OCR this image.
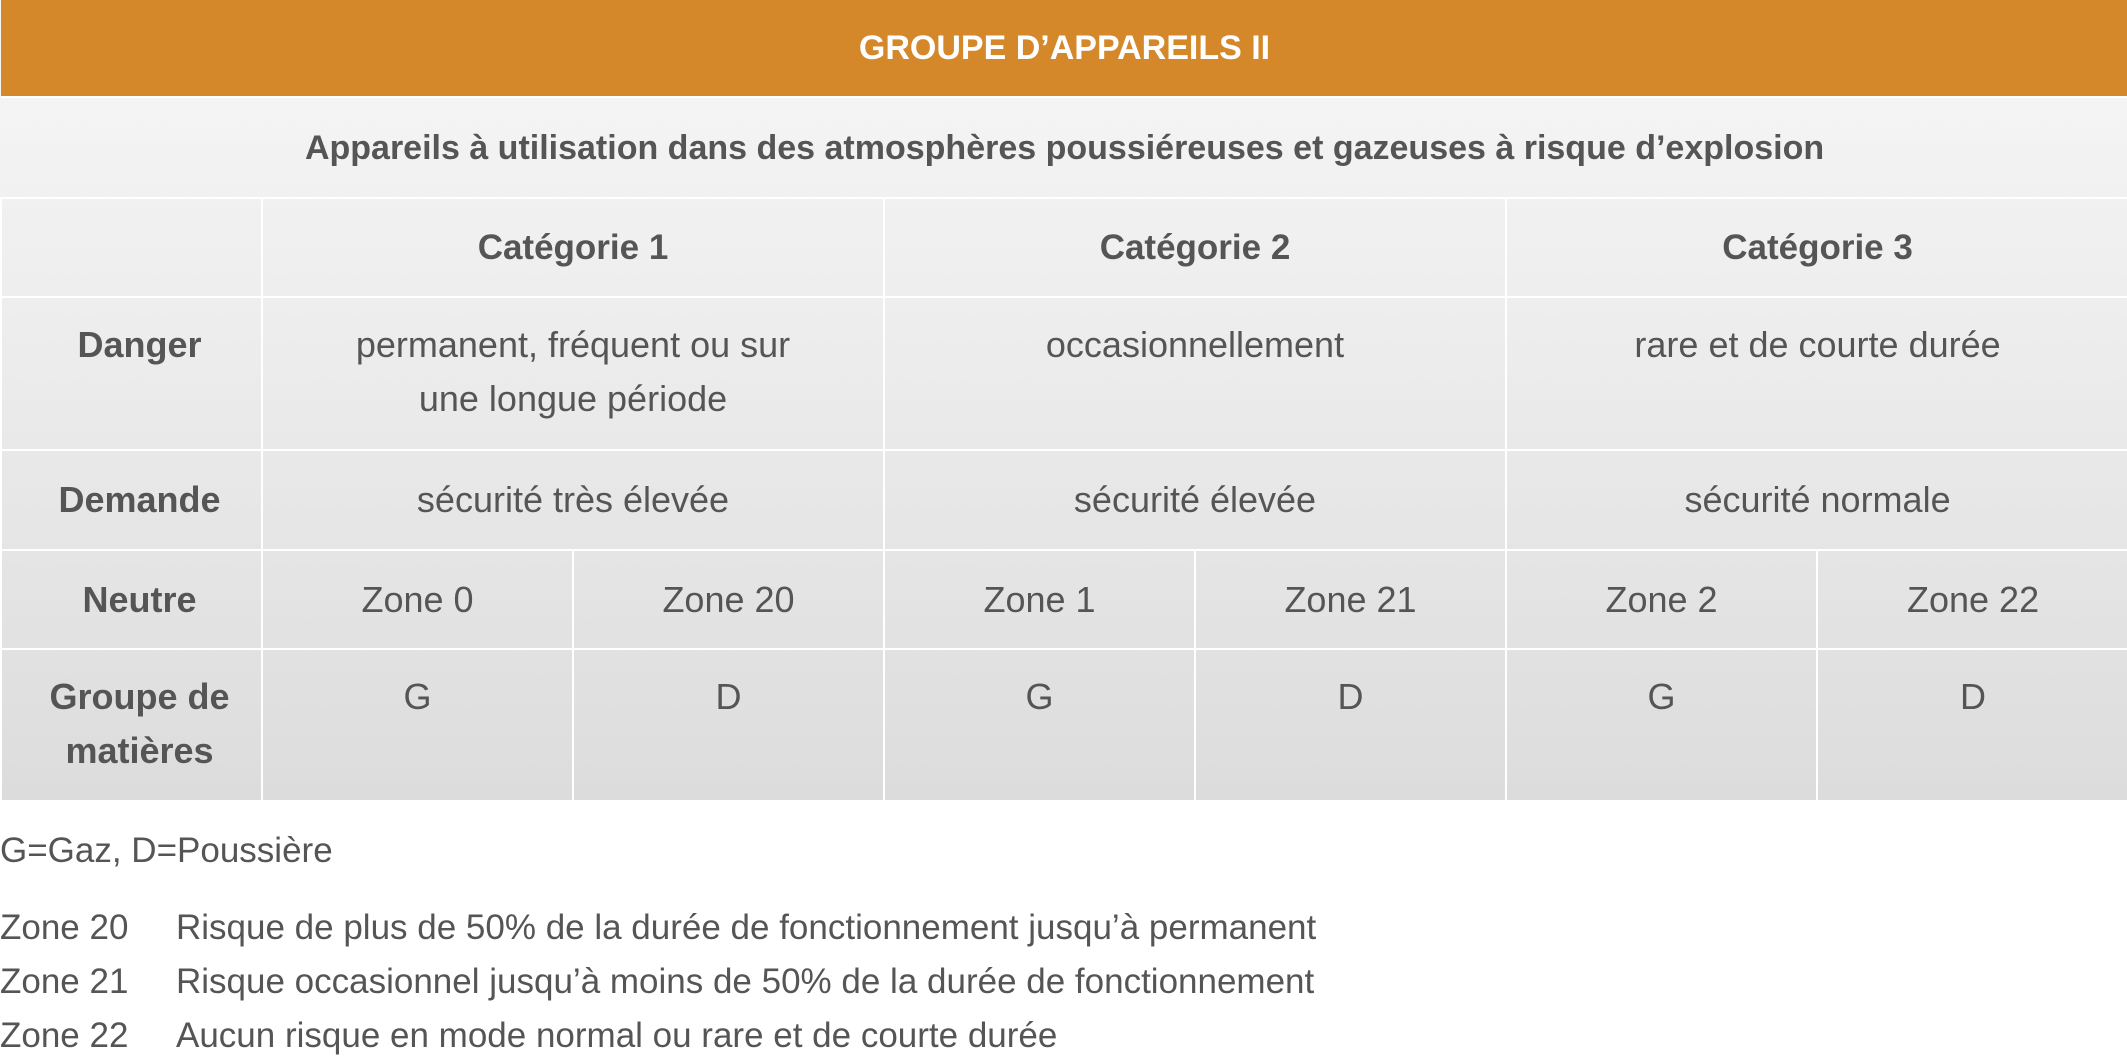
GROUPE D’APPAREILS II						
Appareils à utilisation dans des atmosphères poussiéreuses et gazeuses à risque d’explosion						
	Catégorie 1		Catégorie 2		Catégorie 3	
Danger	permanent, fréquent ou sur une longue période		occasionnellement		rare et de courte durée	
Demande	sécurité très élevée		sécurité élevée		sécurité normale	
Neutre	Zone 0	Zone 20	Zone 1	Zone 21	Zone 2	Zone 22
Groupe de matières	G	D	G	D	G	D
G=Gaz, D=Poussière
Zone 20	Risque de plus de 50% de la durée de fonctionnement jusqu’à permanent
Zone 21	Risque occasionnel jusqu’à moins de 50% de la durée de fonctionnement
Zone 22	Aucun risque en mode normal ou rare et de courte durée
